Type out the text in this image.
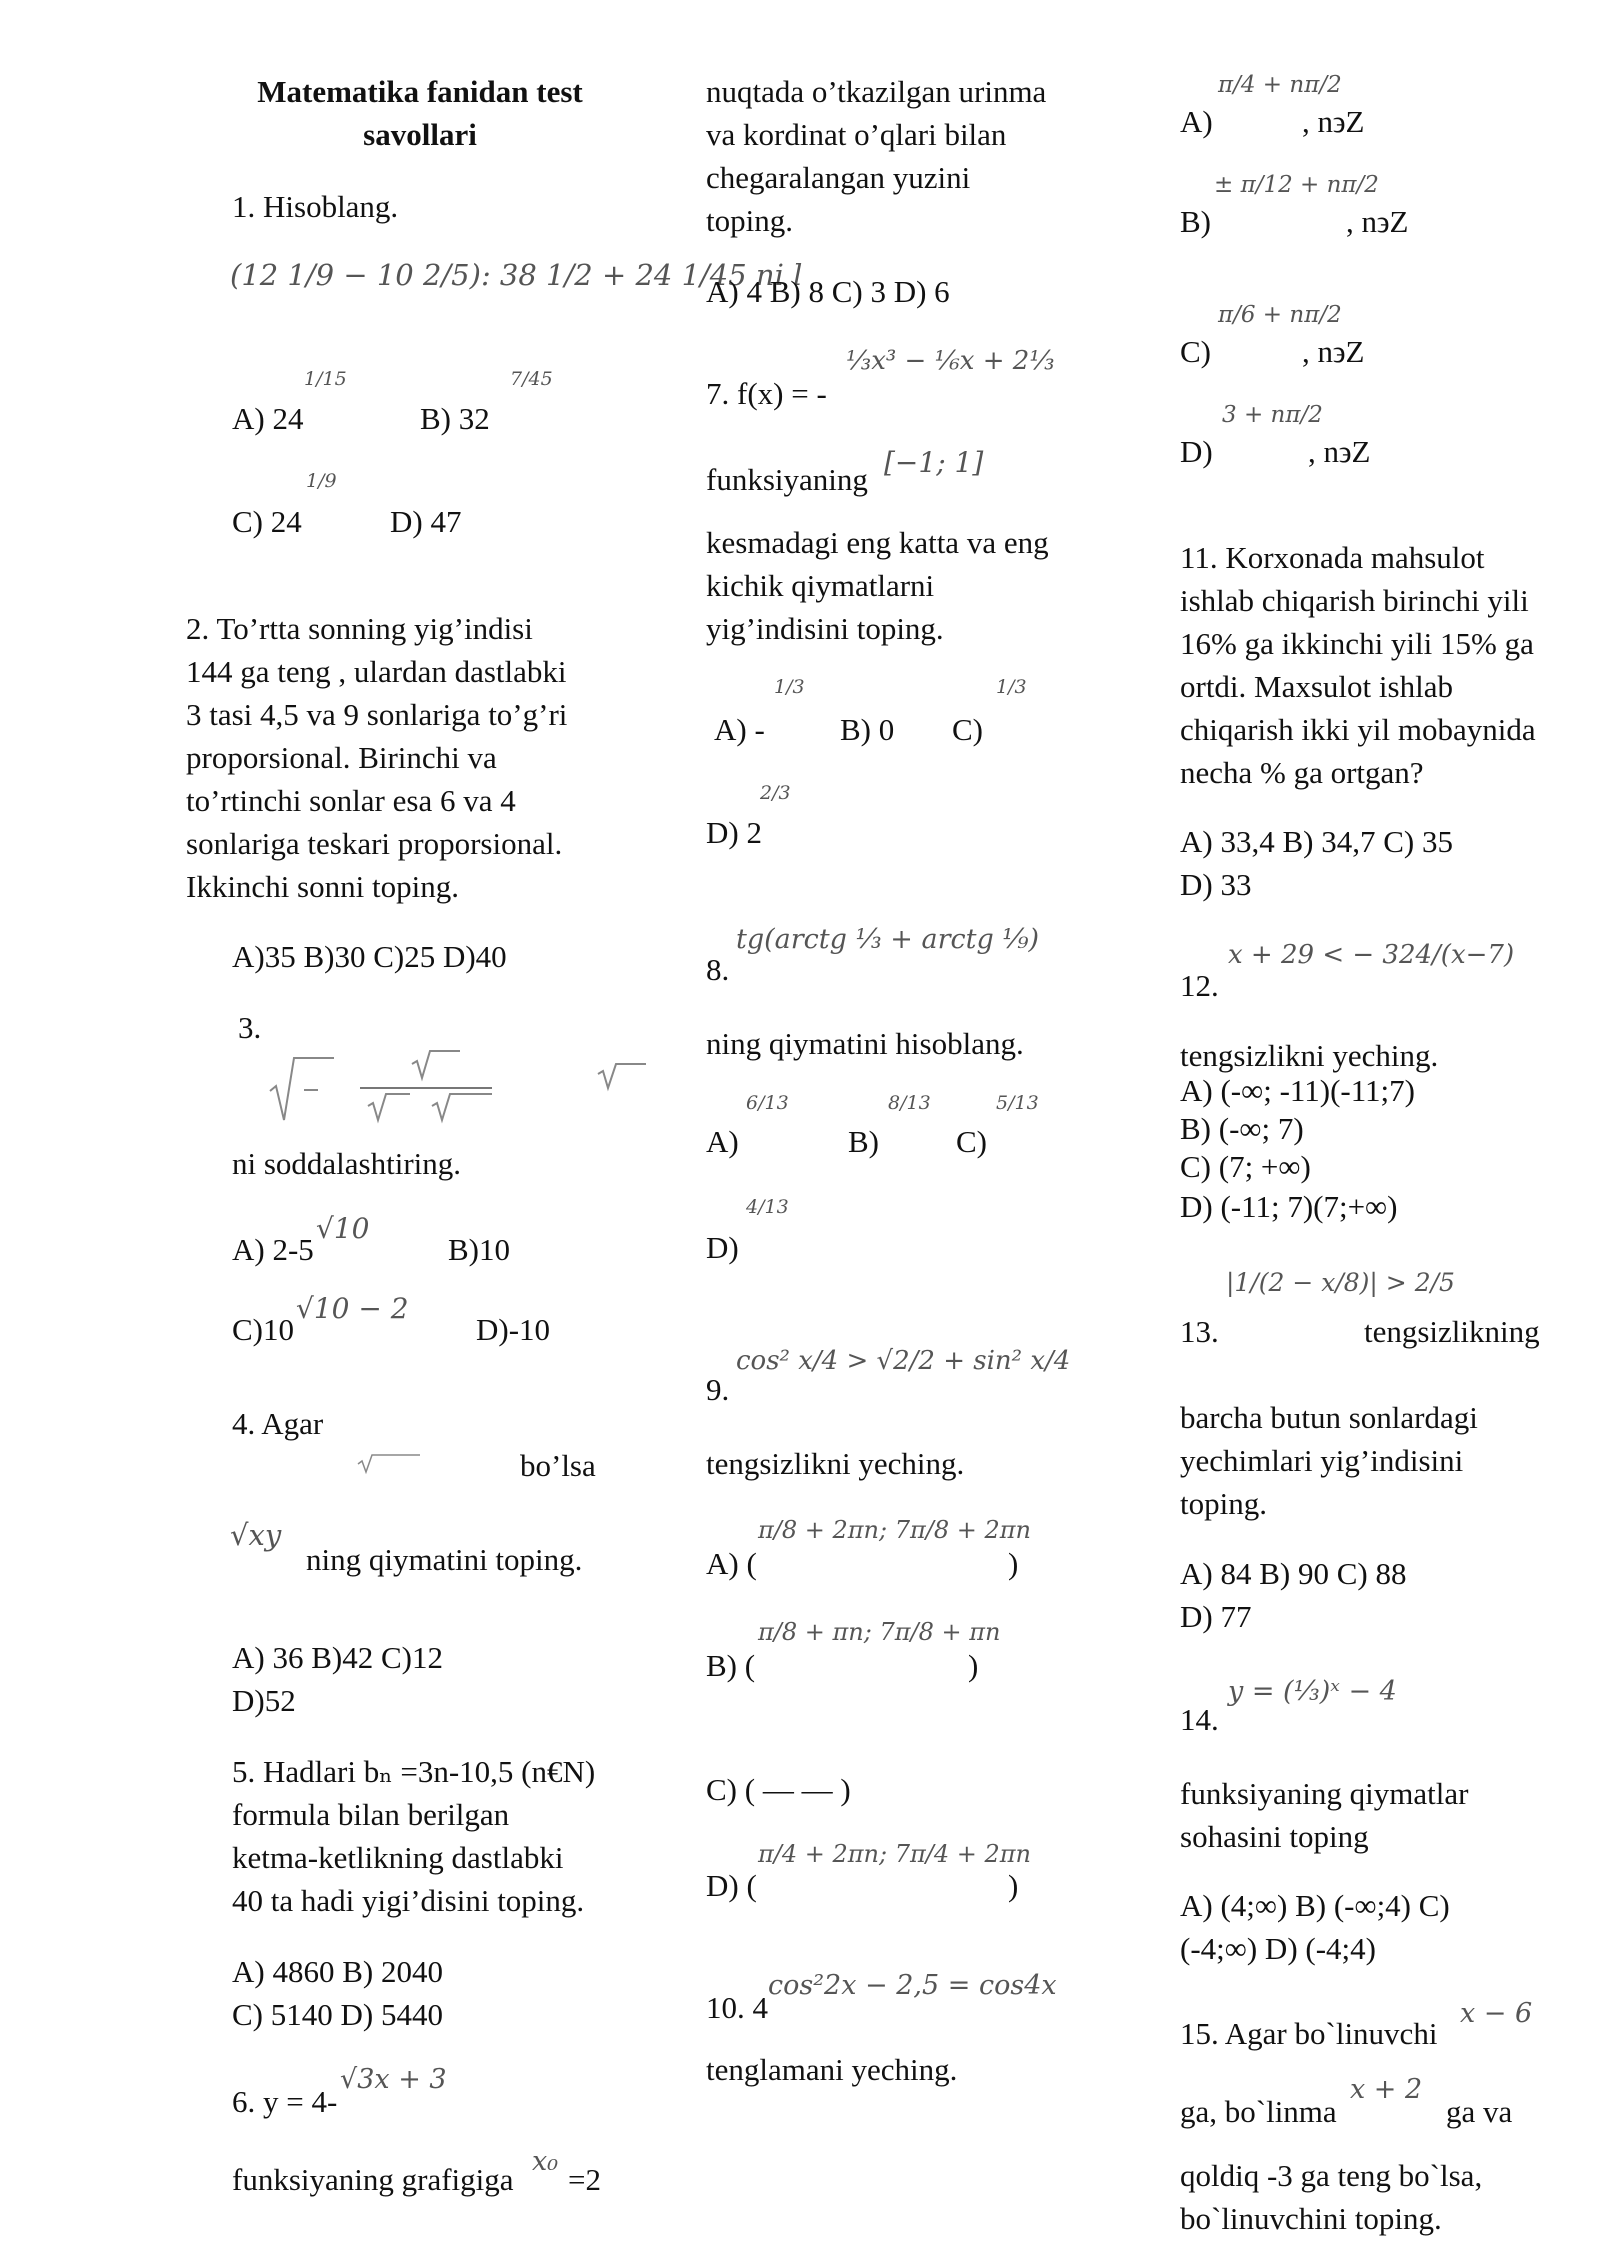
Matematika fanidan test
savollari
1. Hisoblang.
(12 1/9 − 10 2/5): 38 1/2 + 24 1/45 ni l
A) 24
1/15
B) 32
7/45
C) 24
1/9
D) 47
2. To’rtta sonning yig’indisi
144 ga teng , ulardan dastlabki
3 tasi 4,5 va 9 sonlariga to’g’ri
proporsional. Birinchi va
to’rtinchi sonlar esa 6 va 4
sonlariga teskari proporsional.
Ikkinchi sonni toping.
A)35 B)30 C)25 D)40
3.
ni soddalashtiring.
A) 2-5
√10
B)10
C)10
√10 − 2
D)-10
4. Agar
bo’lsa
√xy
ning qiymatini toping.
A) 36 B)42 C)12
D)52
5. Hadlari bₙ =3n-10,5 (n€N)
formula bilan berilgan
ketma-ketlikning dastlabki
40 ta hadi yigi’disini toping.
A) 4860 B) 2040
C) 5140 D) 5440
6. y = 4-
√3x + 3
funksiyaning grafigiga
x₀
=2
nuqtada o’tkazilgan urinma
va kordinat o’qlari bilan
chegaralangan yuzini
toping.
A) 4 B) 8 C) 3 D) 6
7. f(x) = -
⅓x³ − ⅙x + 2⅓
funksiyaning [−1; 1]
kesmadagi eng katta va eng
kichik qiymatlarni
yig’indisini toping.
A) -
1/3
B) 0 C)
1/3
D) 2
2/3
8.
tg(arctg ⅓ + arctg ⅑)
ning qiymatini hisoblang.
A)
6/13
B)
8/13
C)
5/13
D)
4/13
9.
cos² x/4 > √2/2 + sin² x/4
tengsizlikni yeching.
A) (
π/8 + 2πn; 7π/8 + 2πn
)
B) (
π/8 + πn; 7π/8 + πn
)
C) ( — — )
D) (
π/4 + 2πn; 7π/4 + 2πn
)
10. 4
cos²2x − 2,5 = cos4x
tenglamani yeching.
A)
π/4 + nπ/2
, n϶Z
B)
± π/12 + nπ/2
, n϶Z
C)
π/6 + nπ/2
, n϶Z
D)
3 + nπ/2
, n϶Z
11. Korxonada mahsulot
ishlab chiqarish birinchi yili
16% ga ikkinchi yili 15% ga
ortdi. Maxsulot ishlab
chiqarish ikki yil mobaynida
necha % ga ortgan?
A) 33,4 B) 34,7 C) 35
D) 33
12.
x + 29 < − 324/(x−7)
tengsizlikni yeching.
A) (-∞; -11)(-11;7)
B) (-∞; 7)
C) (7; +∞)
D) (-11; 7)(7;+∞)
13.
|1/(2 − x/8)| > 2/5
tengsizlikning
barcha butun sonlardagi
yechimlari yig’indisini
toping.
A) 84 B) 90 C) 88
D) 77
14.
y = (⅓)ˣ − 4
funksiyaning qiymatlar
sohasini toping
A) (4;∞) B) (-∞;4) C)
(-4;∞) D) (-4;4)
15. Agar bo`linuvchi
x − 6
ga, bo`linma
x + 2
ga va
qoldiq -3 ga teng bo`lsa,
bo`linuvchini toping.
